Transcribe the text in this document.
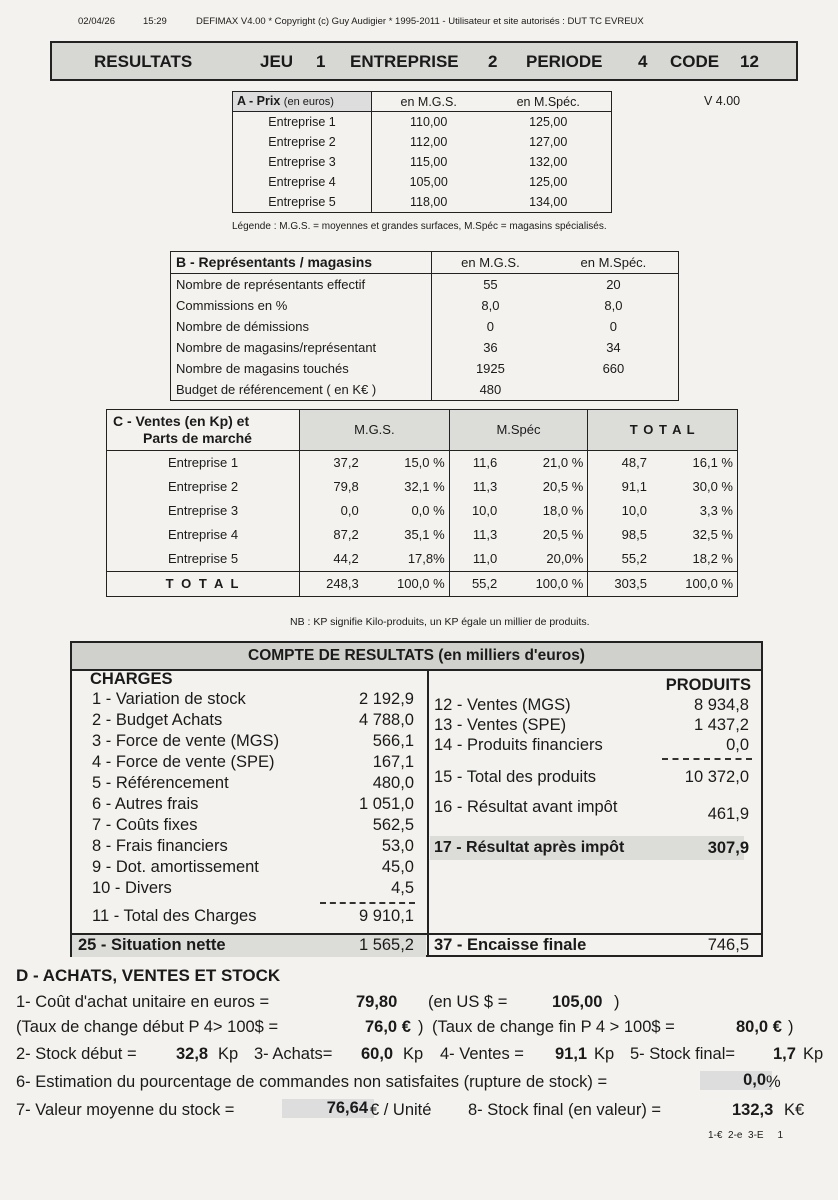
02/04/26	15:29	DEFIMAX V4.00 * Copyright (c) Guy Audigier * 1995-2011 - Utilisateur et site autorisés : DUT TC EVREUX
RESULTATS	JEU 1 ENTREPRISE 2 PERIODE 4 CODE 12
V 4.00
A - Prix (en euros)	en M.G.S.	en M.Spéc.
Entreprise 1	110,00	125,00
Entreprise 2	112,00	127,00
Entreprise 3	115,00	132,00
Entreprise 4	105,00	125,00
Entreprise 5	118,00	134,00
Légende : M.G.S. = moyennes et grandes surfaces, M.Spéc = magasins spécialisés.
B - Représentants / magasins	en M.G.S.	en M.Spéc.
Nombre de représentants effectif	55	20
Commissions en %	8,0	8,0
Nombre de démissions	0	0
Nombre de magasins/représentant	36	34
Nombre de magasins touchés	1925	660
Budget de référencement ( en K€ )	480	
C - Ventes (en Kp) et
Parts de marché	M.G.S.		M.Spéc		T O T A L	
Entreprise 1	37,2	15,0 %	11,6	21,0 %	48,7	16,1 %
Entreprise 2	79,8	32,1 %	11,3	20,5 %	91,1	30,0 %
Entreprise 3	0,0	0,0 %	10,0	18,0 %	10,0	3,3 %
Entreprise 4	87,2	35,1 %	11,3	20,5 %	98,5	32,5 %
Entreprise 5	44,2	17,8%	11,0	20,0%	55,2	18,2 %
T O T A L	248,3	100,0 %	55,2	100,0 %	303,5	100,0 %
NB : KP signifie Kilo-produits, un KP égale un millier de produits.
COMPTE DE RESULTATS (en milliers d'euros)
CHARGES	PRODUITS
1 - Variation de stock	2 192,9
2 - Budget Achats	4 788,0
3 - Force de vente (MGS)	566,1
4 - Force de vente (SPE)	167,1
5 - Référencement	480,0
6 - Autres frais	1 051,0
7 - Coûts fixes	562,5
8 - Frais financiers	53,0
9 - Dot. amortissement	45,0
10 - Divers	4,5
11 - Total des Charges	9 910,1
12 - Ventes (MGS)	8 934,8
13 - Ventes (SPE)	1 437,2
14 - Produits financiers	0,0
15 - Total des produits	10 372,0
16 - Résultat avant impôt	461,9
17 - Résultat après impôt	307,9
25 - Situation nette	1 565,2 37 - Encaisse finale	746,5
D - ACHATS, VENTES ET STOCK
1- Coût d'achat unitaire en euros =	79,80 (en US $ =	105,00 )
(Taux de change début P 4> 100$ =	76,0 € ) (Taux de change fin P 4 > 100$ =	80,0 € )
2- Stock début = 32,8 Kp 3- Achats= 60,0 Kp 4- Ventes = 91,1 Kp 5- Stock final= 1,7 Kp
6- Estimation du pourcentage de commandes non satisfaites (rupture de stock) =	0,0 %
7- Valeur moyenne du stock =	76,64 € / Unité 8- Stock final (en valeur) =	132,3 K€
1-€  2-e  3-E     1
